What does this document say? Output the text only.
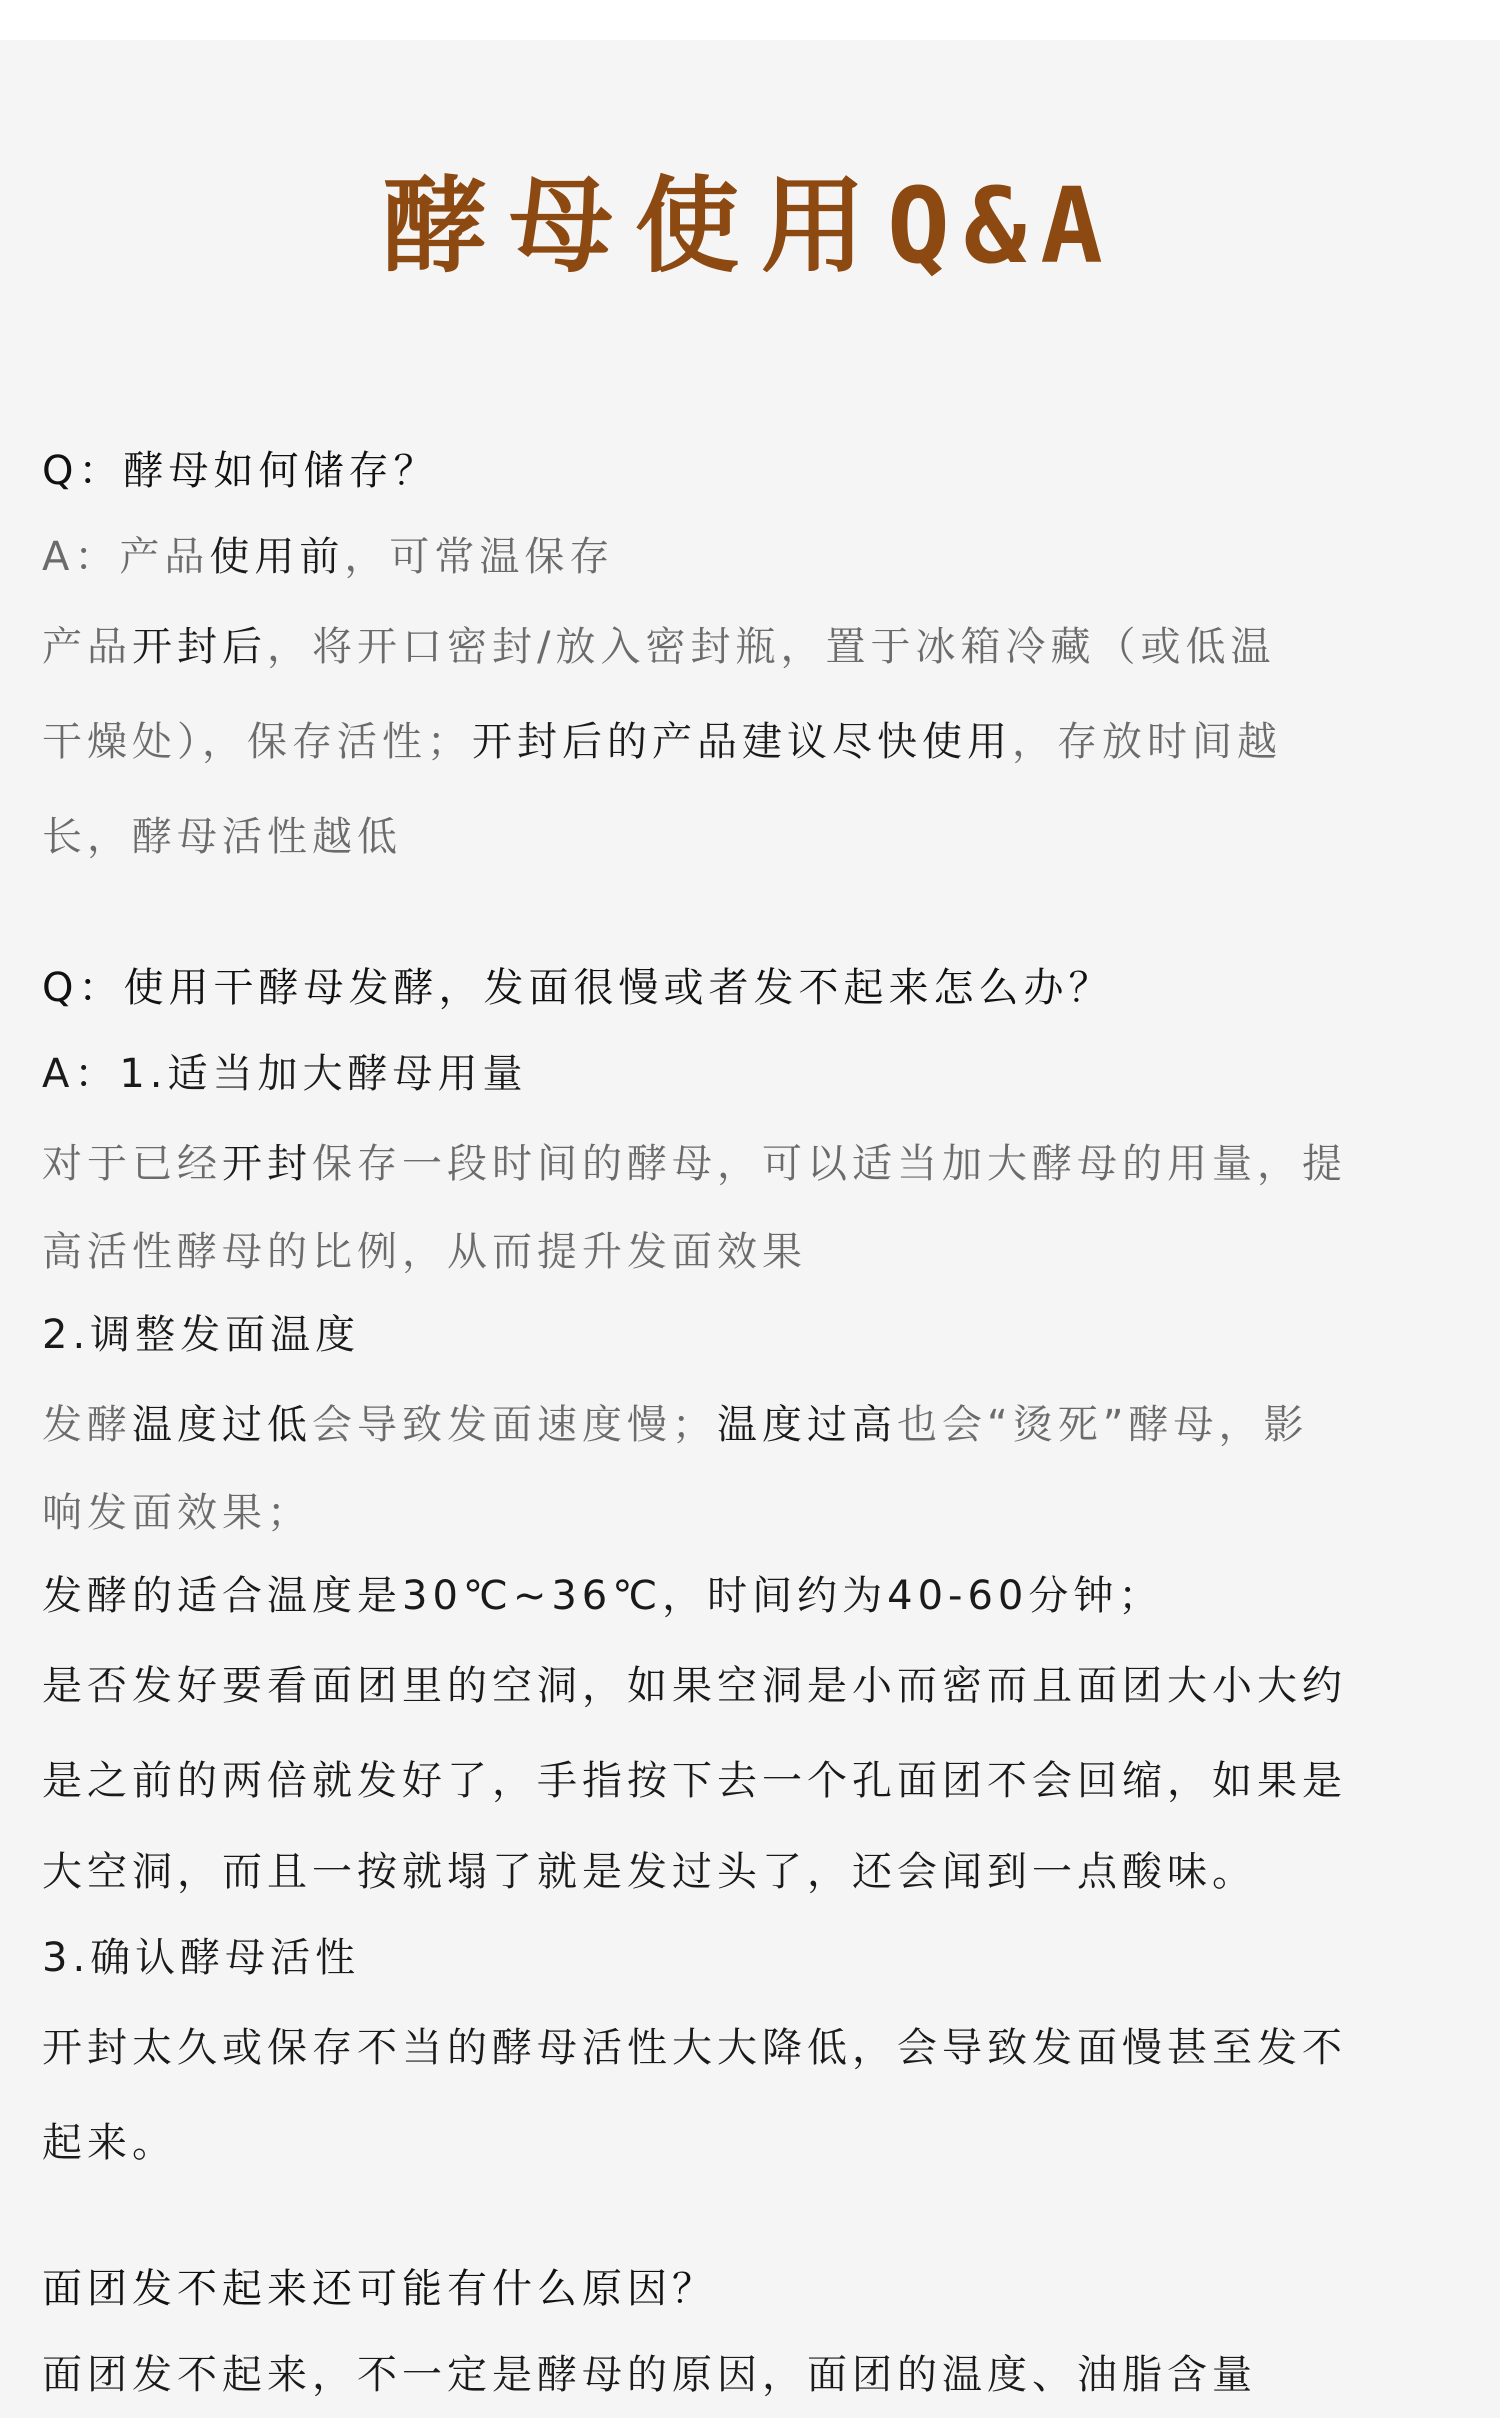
酵母使用Q&A

Q：酵母如何储存？

A：产品使用前，可常温保存

产品开封后，将开口密封/放入密封瓶，置于冰箱冷藏（或低温

干燥处），保存活性；开封后的产品建议尽快使用，存放时间越

长，酵母活性越低

Q：使用干酵母发酵，发面很慢或者发不起来怎么办？

A：1.适当加大酵母用量

对于已经开封保存一段时间的酵母，可以适当加大酵母的用量，提

高活性酵母的比例，从而提升发面效果

2.调整发面温度

发酵温度过低会导致发面速度慢；温度过高也会“烫死”酵母，影

响发面效果；

发酵的适合温度是30℃~36℃，时间约为40-60分钟；

是否发好要看面团里的空洞，如果空洞是小而密而且面团大小大约

是之前的两倍就发好了，手指按下去一个孔面团不会回缩，如果是

大空洞，而且一按就塌了就是发过头了，还会闻到一点酸味。

3.确认酵母活性

开封太久或保存不当的酵母活性大大降低，会导致发面慢甚至发不

起来。

面团发不起来还可能有什么原因？

面团发不起来，不一定是酵母的原因，面团的温度、油脂含量
